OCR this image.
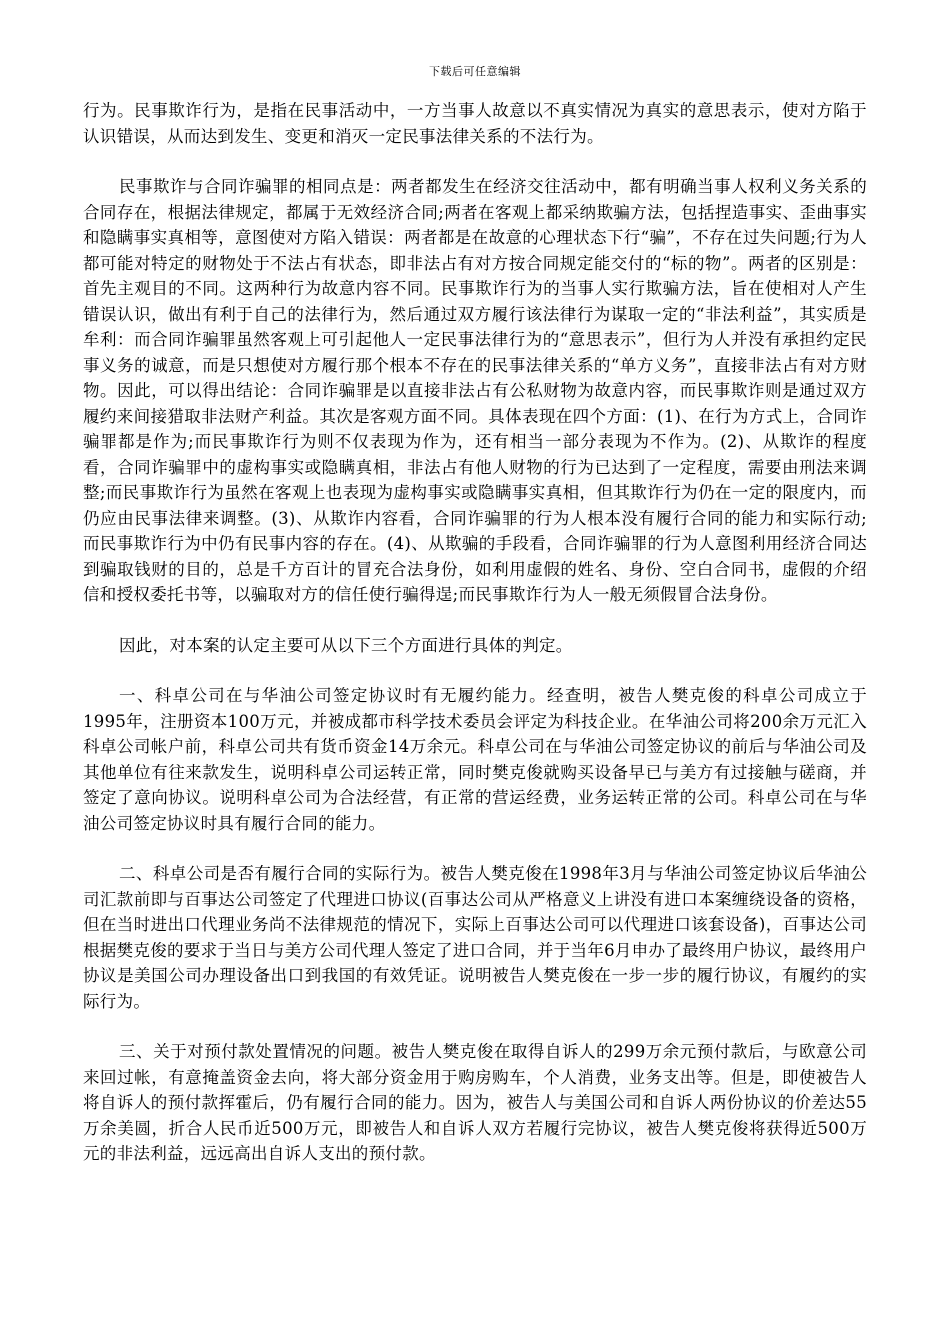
下载后可任意编辑

行为。民事欺诈行为，是指在民事活动中，一方当事人故意以不真实情况为真实的意思表示，使对方陷于认识错误，从而达到发生、变更和消灭一定民事法律关系的不法行为。

民事欺诈与合同诈骗罪的相同点是：两者都发生在经济交往活动中，都有明确当事人权利义务关系的合同存在，根据法律规定，都属于无效经济合同;两者在客观上都采纳欺骗方法，包括捏造事实、歪曲事实和隐瞒事实真相等，意图使对方陷入错误：两者都是在故意的心理状态下行“骗”，不存在过失问题;行为人都可能对特定的财物处于不法占有状态，即非法占有对方按合同规定能交付的“标的物”。两者的区别是：首先主观目的不同。这两种行为故意内容不同。民事欺诈行为的当事人实行欺骗方法，旨在使相对人产生错误认识，做出有利于自己的法律行为，然后通过双方履行该法律行为谋取一定的“非法利益”，其实质是牟利：而合同诈骗罪虽然客观上可引起他人一定民事法律行为的“意思表示”，但行为人并没有承担约定民事义务的诚意，而是只想使对方履行那个根本不存在的民事法律关系的“单方义务”，直接非法占有对方财物。因此，可以得出结论：合同诈骗罪是以直接非法占有公私财物为故意内容，而民事欺诈则是通过双方履约来间接猎取非法财产利益。其次是客观方面不同。具体表现在四个方面：(1)、在行为方式上，合同诈骗罪都是作为;而民事欺诈行为则不仅表现为作为，还有相当一部分表现为不作为。(2)、从欺诈的程度看，合同诈骗罪中的虚构事实或隐瞒真相，非法占有他人财物的行为已达到了一定程度，需要由刑法来调整;而民事欺诈行为虽然在客观上也表现为虚构事实或隐瞒事实真相，但其欺诈行为仍在一定的限度内，而仍应由民事法律来调整。(3)、从欺诈内容看，合同诈骗罪的行为人根本没有履行合同的能力和实际行动;而民事欺诈行为中仍有民事内容的存在。(4)、从欺骗的手段看，合同诈骗罪的行为人意图利用经济合同达到骗取钱财的目的，总是千方百计的冒充合法身份，如利用虚假的姓名、身份、空白合同书，虚假的介绍信和授权委托书等，以骗取对方的信任使行骗得逞;而民事欺诈行为人一般无须假冒合法身份。

因此，对本案的认定主要可从以下三个方面进行具体的判定。

一、科卓公司在与华油公司签定协议时有无履约能力。经查明，被告人樊克俊的科卓公司成立于1995年，注册资本100万元，并被成都市科学技术委员会评定为科技企业。在华油公司将200余万元汇入科卓公司帐户前，科卓公司共有货币资金14万余元。科卓公司在与华油公司签定协议的前后与华油公司及其他单位有往来款发生，说明科卓公司运转正常，同时樊克俊就购买设备早已与美方有过接触与磋商，并签定了意向协议。说明科卓公司为合法经营，有正常的营运经费，业务运转正常的公司。科卓公司在与华油公司签定协议时具有履行合同的能力。

二、科卓公司是否有履行合同的实际行为。被告人樊克俊在1998年3月与华油公司签定协议后华油公司汇款前即与百事达公司签定了代理进口协议(百事达公司从严格意义上讲没有进口本案缠绕设备的资格，但在当时进出口代理业务尚不法律规范的情况下，实际上百事达公司可以代理进口该套设备)，百事达公司根据樊克俊的要求于当日与美方公司代理人签定了进口合同，并于当年6月申办了最终用户协议，最终用户协议是美国公司办理设备出口到我国的有效凭证。说明被告人樊克俊在一步一步的履行协议，有履约的实际行为。

三、关于对预付款处置情况的问题。被告人樊克俊在取得自诉人的299万余元预付款后，与欧意公司来回过帐，有意掩盖资金去向，将大部分资金用于购房购车，个人消费，业务支出等。但是，即使被告人将自诉人的预付款挥霍后，仍有履行合同的能力。因为，被告人与美国公司和自诉人两份协议的价差达55万余美圆，折合人民币近500万元，即被告人和自诉人双方若履行完协议，被告人樊克俊将获得近500万元的非法利益，远远高出自诉人支出的预付款。
